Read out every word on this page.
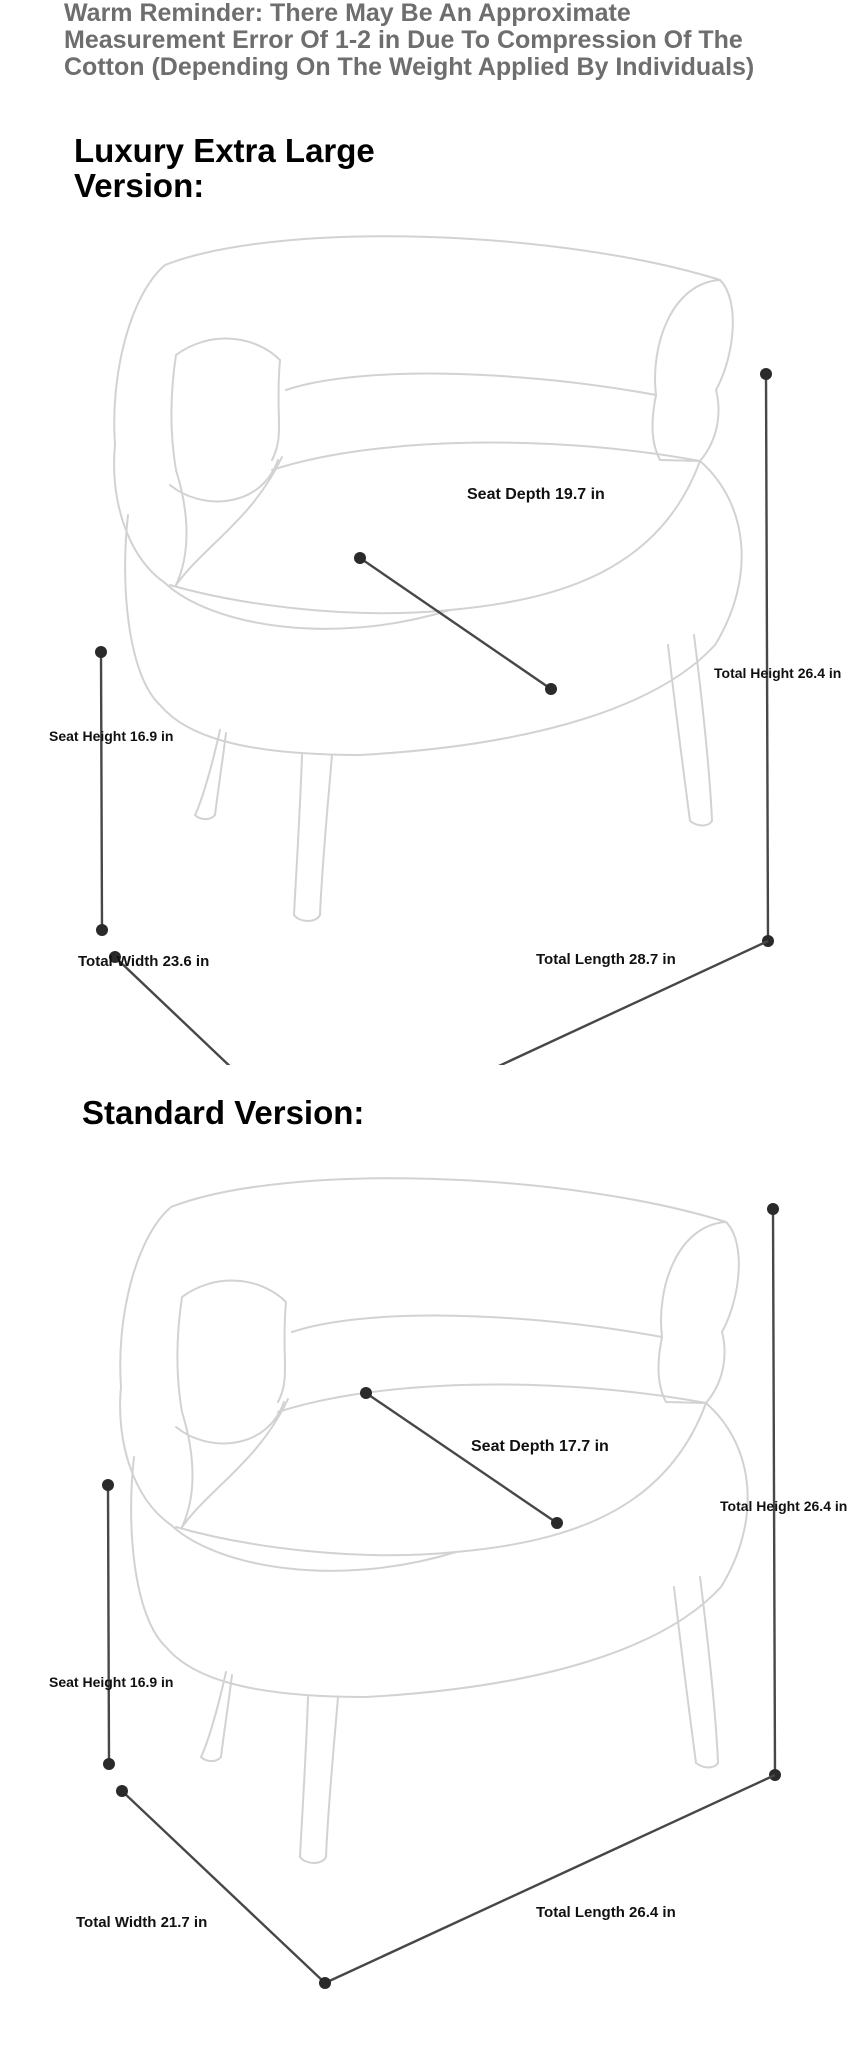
Warm Reminder: There May Be An Approximate Measurement Error Of 1-2 in Due To Compression Of The Cotton (Depending On The Weight Applied By Individuals)

Luxury Extra Large Version:
Seat Depth 19.7 in
Total Height 26.4 in
Seat Height 16.9 in
Total Width 23.6 in	Total Length 28.7 in
Standard Version:
Seat Depth 17.7 in
Total Height 26.4 in
Seat Height 16.9 in
Total Width 21.7 in
Total Length 26.4 in
